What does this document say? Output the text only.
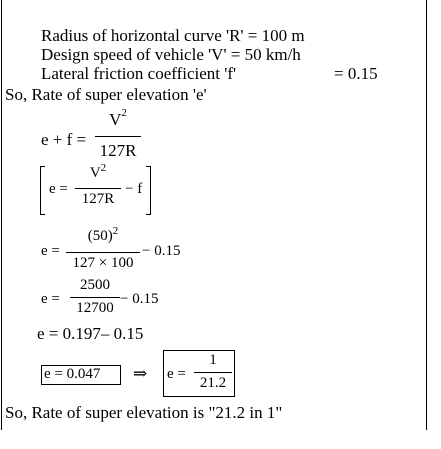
Radius of horizontal curve 'R' = 100 m
Design speed of vehicle 'V' = 50 km/h
Lateral friction coefficient 'f'	= 0.15
So, Rate of super elevation 'e'
e + f =
$V^2$
127R
e =
$V^2$
127R
− f
e =
$(50)^2$
127 × 100
− 0.15
e =
2500
12700
− 0.15
e = 0.197– 0.15
e = 0.047 ⇒ e =
1
21.2
So, Rate of super elevation is "21.2 in 1"
